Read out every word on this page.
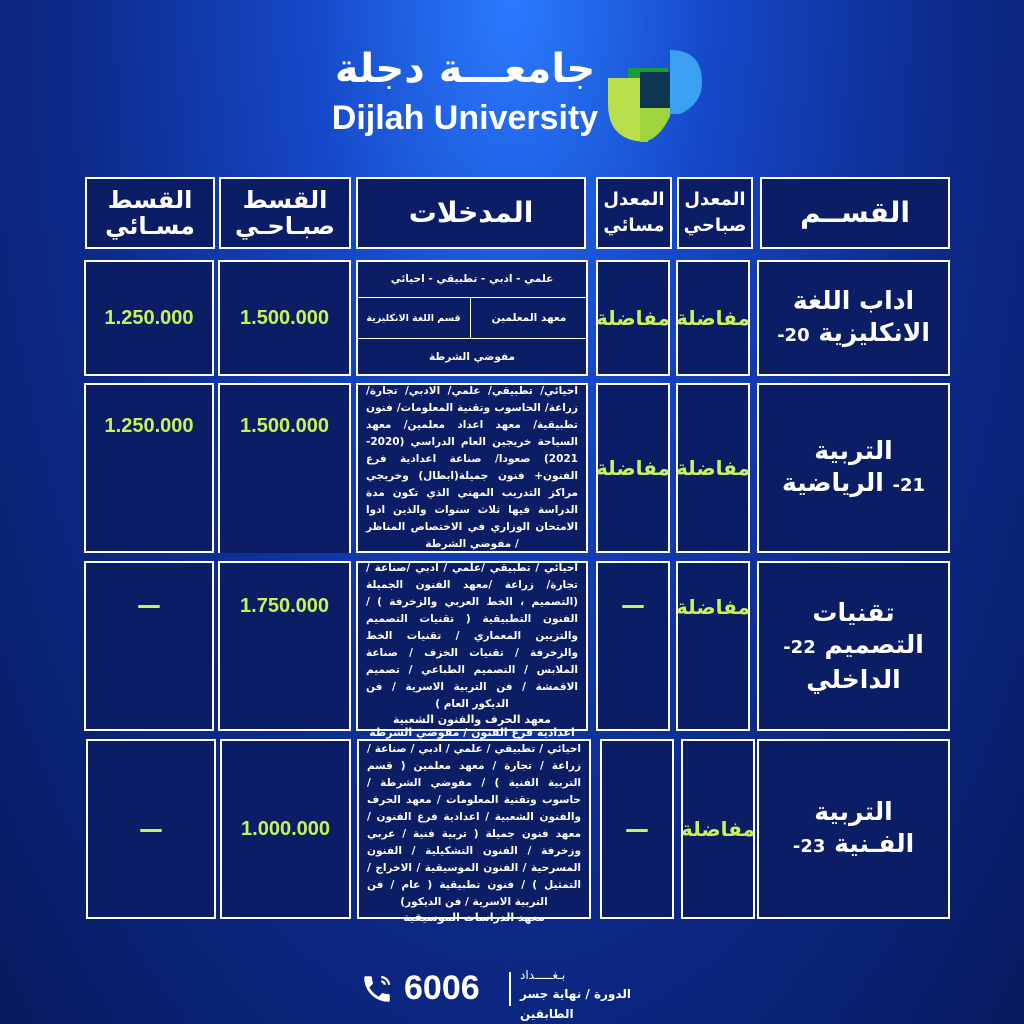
جامعـــة دجلة
Dijlah University
القســم
المعدل صباحي
المعدل مسائي
المدخلات
القسط صبـاحـي
القسط مسـائي
اداب اللغة
الانكليزية 20-
مفاضلة
مفاضلة
علمي - ادبي - تطبيقي - احيائي
معهد المعلمين
قسم اللغة الانكليزية
مفوضي الشرطة
1.500.000
1.250.000
التربية
21- الرياضية
مفاضلة
مفاضلة
احيائي/ تطبيقي/ علمي/ الادبي/ تجارة/ زراعة/ الحاسوب وتقنية المعلومات/ فنون تطبيقية/ معهد اعداد معلمين/ معهد السياحة خريجين العام الدراسي (2020-2021) صعودا/ صناعة اعدادية فرع الفنون+ فنون جميلة(ابطال) وخريجي مراكز التدريب المهني الذي تكون مدة الدراسة فيها ثلاث سنوات والذين ادوا الامتحان الوزاري في الاختصاص المناظر / مفوضي الشرطة
1.500.000
1.250.000
تقنيات
التصميم 22-
الداخلي
مفاضلة
—
احيائي / تطبيقي /علمي / ادبي /صناعة / تجارة/ زراعة /معهد الفنون الجميلة (التصميم ، الخط العربي والزخرفة ) / الفنون التطبيقية ( تقنيات التصميم والتزيين المعماري / تقنيات الخط والزخرفة / تقنيات الخزف / صناعة الملابس / التصميم الطباعي / تصميم الاقمشة / فن التربية الاسرية / فن الديكور العام )
معهد الحرف والفنون الشعبية
اعدادية فرع الفنون / مفوضي الشرطة
1.750.000
—
التربية
الفـنية 23-
مفاضلة
—
احيائي / تطبيقي / علمي / ادبي / صناعة / زراعة / تجارة / معهد معلمين ( قسم التربية الفنية ) / مفوضي الشرطة / حاسوب وتقنية المعلومات / معهد الحرف والفنون الشعبية / اعدادية فرع الفنون / معهد فنون جميلة ( تربية فنية / عربي وزخرفة / الفنون التشكيلية / الفنون المسرحية / الفنون الموسيقية / الاخراج / التمثيل ) / فنون تطبيقية ( عام / فن التربية الاسرية / فن الديكور)
معهد الدراسات الموسيقية
1.000.000
—
6006	بـغـــــداد
الدورة / نهاية جسر الطابقين
